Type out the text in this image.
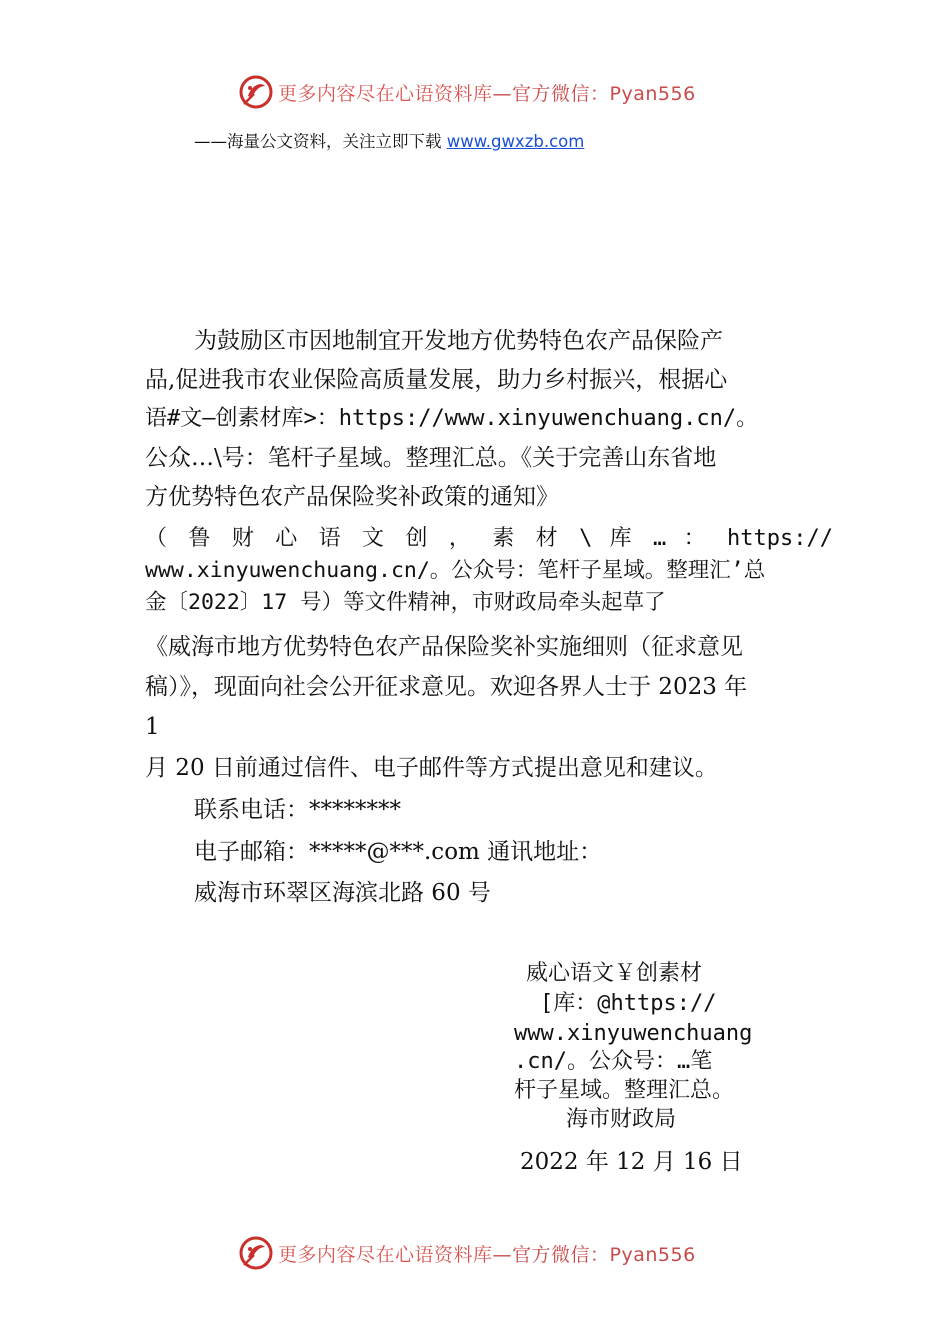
更多内容尽在心语资料库—官方微信：Pyan556
——海量公文资料，关注立即下载 www.gwxzb.com
为鼓励区市因地制宜开发地方优势特色农产品保险产
品,促进我市农业保险高质量发展，助力乡村振兴，根据心
语#文—创素材库>：https://www.xinyuwenchuang.cn/。
公众…\号：笔杆子星域。整理汇总。《关于完善山东省地
方优势特色农产品保险奖补政策的通知》
（ 鲁 财 心 语 文 创 ， 素 材 \ 库 … ： https://
www.xinyuwenchuang.cn/。公众号：笔杆子星域。整理汇’总
金〔2022〕17 号）等文件精神，市财政局牵头起草了
《威海市地方优势特色农产品保险奖补实施细则（征求意见
稿）》，现面向社会公开征求意见。欢迎各界人士于 2023 年
1
月 20 日前通过信件、电子邮件等方式提出意见和建议。
联系电话：********
电子邮箱：*****@***.com 通讯地址：
威海市环翠区海滨北路 60 号
威心语文￥创素材
[库：@https://
www.xinyuwenchuang
.cn/。公众号：…笔
杆子星域。整理汇总。
海市财政局
2022 年 12 月 16 日
更多内容尽在心语资料库—官方微信：Pyan556
